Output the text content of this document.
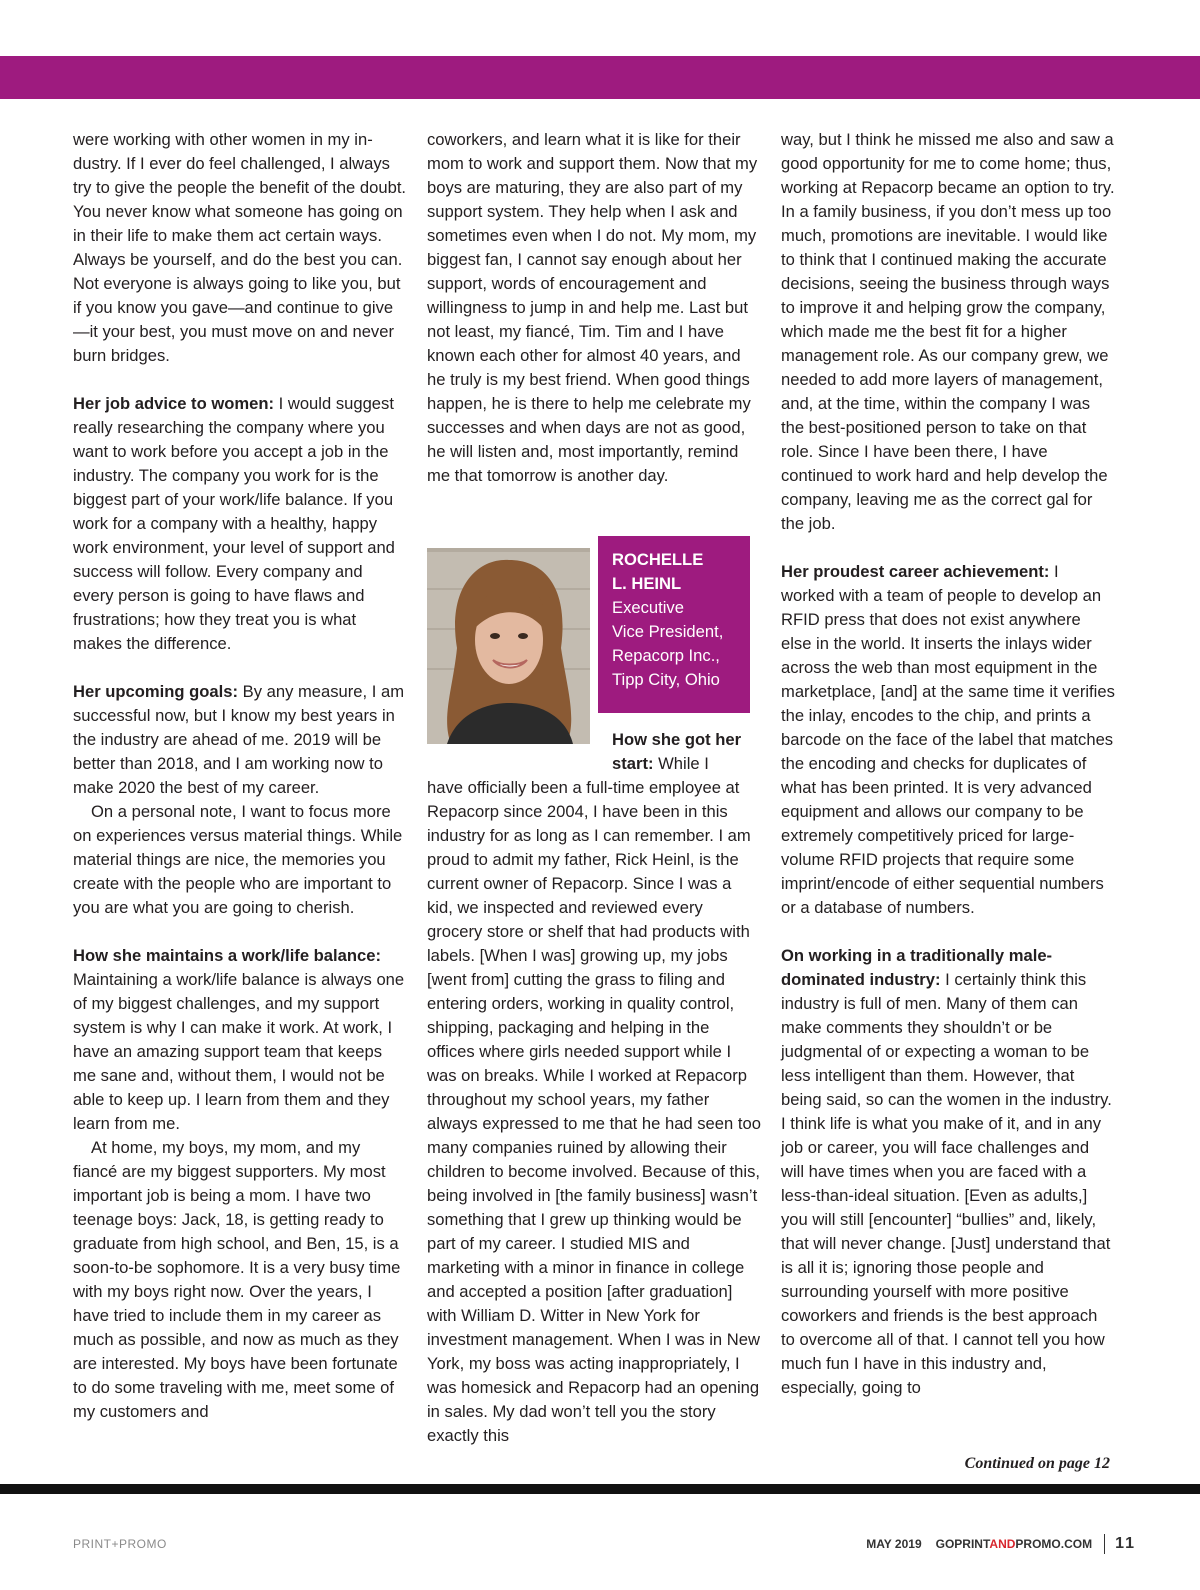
were working with other women in my industry. If I ever do feel challenged, I always try to give the people the benefit of the doubt. You never know what someone has going on in their life to make them act certain ways. Always be yourself, and do the best you can. Not everyone is always going to like you, but if you know you gave—and continue to give—it your best, you must move on and never burn bridges.

Her job advice to women: I would suggest really researching the company where you want to work before you accept a job in the industry. The company you work for is the biggest part of your work/life balance. If you work for a company with a healthy, happy work environment, your level of support and success will follow. Every company and every person is going to have flaws and frustrations; how they treat you is what makes the difference.

Her upcoming goals: By any measure, I am successful now, but I know my best years in the industry are ahead of me. 2019 will be better than 2018, and I am working now to make 2020 the best of my career.

On a personal note, I want to focus more on experiences versus material things. While material things are nice, the memories you create with the people who are important to you are what you are going to cherish.

How she maintains a work/life balance: Maintaining a work/life balance is always one of my biggest challenges, and my support system is why I can make it work. At work, I have an amazing support team that keeps me sane and, without them, I would not be able to keep up. I learn from them and they learn from me.

At home, my boys, my mom, and my fiancé are my biggest supporters. My most important job is being a mom. I have two teenage boys: Jack, 18, is getting ready to graduate from high school, and Ben, 15, is a soon-to-be sophomore. It is a very busy time with my boys right now. Over the years, I have tried to include them in my career as much as possible, and now as much as they are interested. My boys have been fortunate to do some traveling with me, meet some of my customers and

coworkers, and learn what it is like for their mom to work and support them. Now that my boys are maturing, they are also part of my support system. They help when I ask and sometimes even when I do not. My mom, my biggest fan, I cannot say enough about her support, words of encouragement and willingness to jump in and help me. Last but not least, my fiancé, Tim. Tim and I have known each other for almost 40 years, and he truly is my best friend. When good things happen, he is there to help me celebrate my successes and when days are not as good, he will listen and, most importantly, remind me that tomorrow is another day.

ROCHELLE
L. HEINL
Executive
Vice President,
Repacorp Inc.,
Tipp City, Ohio

How she got her start: While I

have officially been a full-time employee at Repacorp since 2004, I have been in this industry for as long as I can remember. I am proud to admit my father, Rick Heinl, is the current owner of Repacorp. Since I was a kid, we inspected and reviewed every grocery store or shelf that had products with labels. [When I was] growing up, my jobs [went from] cutting the grass to filing and entering orders, working in quality control, shipping, packaging and helping in the offices where girls needed support while I was on breaks. While I worked at Repacorp throughout my school years, my father always expressed to me that he had seen too many companies ruined by allowing their children to become involved. Because of this, being involved in [the family business] wasn’t something that I grew up thinking would be part of my career. I studied MIS and marketing with a minor in finance in college and accepted a position [after graduation] with William D. Witter in New York for investment management. When I was in New York, my boss was acting inappropriately, I was homesick and Repacorp had an opening in sales. My dad won’t tell you the story exactly this

way, but I think he missed me also and saw a good opportunity for me to come home; thus, working at Repacorp became an option to try. In a family business, if you don’t mess up too much, promotions are inevitable. I would like to think that I continued making the accurate decisions, seeing the business through ways to improve it and helping grow the company, which made me the best fit for a higher management role. As our company grew, we needed to add more layers of management, and, at the time, within the company I was the best-positioned person to take on that role. Since I have been there, I have continued to work hard and help develop the company, leaving me as the correct gal for the job.

Her proudest career achievement: I worked with a team of people to develop an RFID press that does not exist anywhere else in the world. It inserts the inlays wider across the web than most equipment in the marketplace, [and] at the same time it verifies the inlay, encodes to the chip, and prints a barcode on the face of the label that matches the encoding and checks for duplicates of what has been printed. It is very advanced equipment and allows our company to be extremely competitively priced for large-volume RFID projects that require some imprint/encode of either sequential numbers or a database of numbers.

On working in a traditionally male-dominated industry: I certainly think this industry is full of men. Many of them can make comments they shouldn’t or be judgmental of or expecting a woman to be less intelligent than them. However, that being said, so can the women in the industry. I think life is what you make of it, and in any job or career, you will face challenges and will have times when you are faced with a less-than-ideal situation. [Even as adults,] you will still [encounter] “bullies” and, likely, that will never change. [Just] understand that is all it is; ignoring those people and surrounding yourself with more positive coworkers and friends is the best approach to overcome all of that. I cannot tell you how much fun I have in this industry and, especially, going to

Continued on page 12
PRINT+PROMO	MAY 2019 GOPRINTANDPROMO.COM 11
